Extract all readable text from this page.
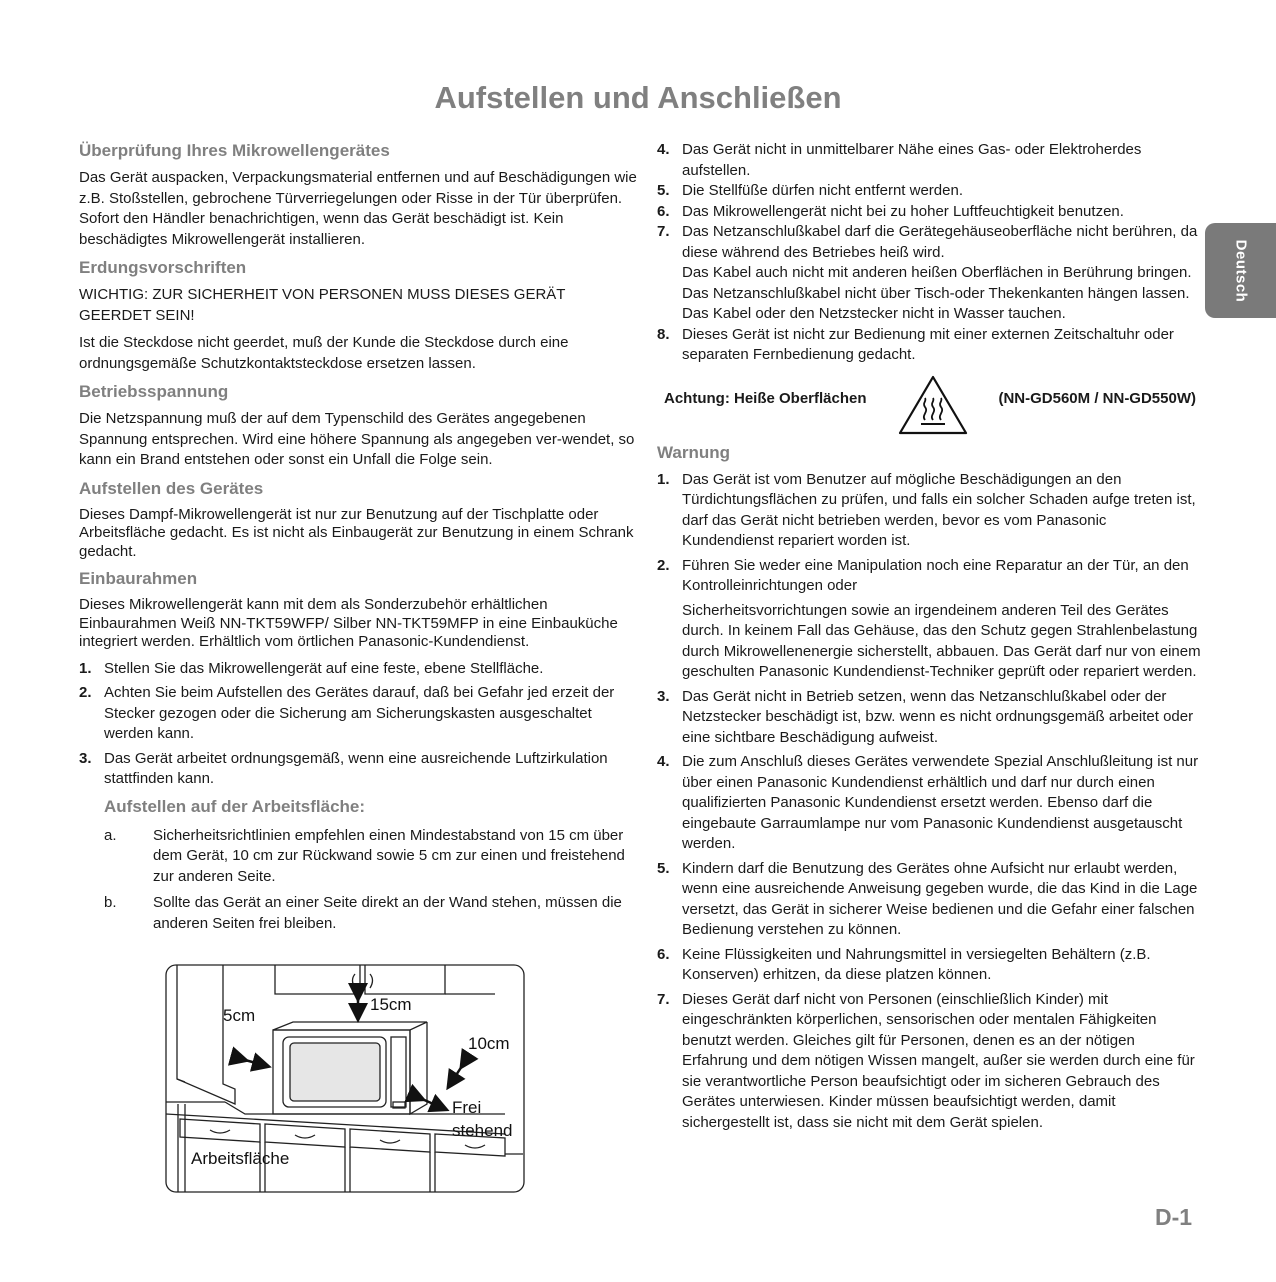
Aufstellen und Anschließen
Deutsch
Überprüfung Ihres Mikrowellengerätes
Das Gerät auspacken, Verpackungsmaterial entfernen und auf Beschädigungen wie z.B. Stoßstellen, gebrochene Türverriegelungen oder Risse in der Tür überprüfen. Sofort den Händler benachrichtigen, wenn das Gerät beschädigt ist. Kein beschädigtes Mikrowellengerät installieren.
Erdungsvorschriften
WICHTIG: ZUR SICHERHEIT VON PERSONEN MUSS DIESES GERÄT GEERDET SEIN!
Ist die Steckdose nicht geerdet, muß der Kunde die Steckdose durch eine ordnungsgemäße Schutzkontaktsteckdose ersetzen lassen.
Betriebsspannung
Die Netzspannung muß der auf dem Typenschild des Gerätes angegebenen Spannung entsprechen. Wird eine höhere Spannung als angegeben ver-wendet, so kann ein Brand entstehen oder sonst ein Unfall die Folge sein.
Aufstellen des Gerätes
Dieses Dampf-Mikrowellengerät ist nur zur Benutzung auf der Tischplatte oder Arbeitsfläche gedacht. Es ist nicht als Einbaugerät zur Benutzung in einem Schrank gedacht.
Einbaurahmen
Dieses Mikrowellengerät kann mit dem als Sonderzubehör erhältlichen Einbaurahmen Weiß NN-TKT59WFP/ Silber NN-TKT59MFP in eine Einbauküche integriert werden. Erhältlich vom örtlichen Panasonic-Kundendienst.
1. Stellen Sie das Mikrowellengerät auf eine feste, ebene Stellfläche.
2. Achten Sie beim Aufstellen des Gerätes darauf, daß bei Gefahr jed erzeit der Stecker gezogen oder die Sicherung am Sicherungskasten ausgeschaltet werden kann.
3. Das Gerät arbeitet ordnungsgemäß, wenn eine ausreichende Luftzirkulation stattfinden kann.
Aufstellen auf der Arbeitsfläche:
a. Sicherheitsrichtlinien empfehlen einen Mindestabstand von 15 cm über dem Gerät, 10 cm zur Rückwand sowie 5 cm zur einen und freistehend zur anderen Seite.
b. Sollte das Gerät an einer Seite direkt an der Wand stehen, müssen die anderen Seiten frei bleiben.
15cm
5cm
10cm
Frei
stehend
Arbeitsfläche
4. Das Gerät nicht in unmittelbarer Nähe eines Gas- oder Elektroherdes aufstellen.
5. Die Stellfüße dürfen nicht entfernt werden.
6. Das Mikrowellengerät nicht bei zu hoher Luftfeuchtigkeit benutzen.
7. Das Netzanschlußkabel darf die Gerätegehäuseoberfläche nicht berühren, da diese während des Betriebes heiß wird.
Das Kabel auch nicht mit anderen heißen Oberflächen in Berührung bringen. Das Netzanschlußkabel nicht über Tisch-oder Thekenkanten hängen lassen. Das Kabel oder den Netzstecker nicht in Wasser tauchen.
8. Dieses Gerät ist nicht zur Bedienung mit einer externen Zeitschaltuhr oder separaten Fernbedienung gedacht.
Achtung: Heiße Oberflächen	(NN-GD560M / NN-GD550W)
Warnung
1. Das Gerät ist vom Benutzer auf mögliche Beschädigungen an den Türdichtungsflächen zu prüfen, und falls ein solcher Schaden aufge treten ist, darf das Gerät nicht betrieben werden, bevor es vom Panasonic Kundendienst repariert worden ist.
2. Führen Sie weder eine Manipulation noch eine Reparatur an der Tür, an den Kontrolleinrichtungen oder
Sicherheitsvorrichtungen sowie an irgendeinem anderen Teil des Gerätes durch. In keinem Fall das Gehäuse, das den Schutz gegen Strahlenbelastung durch Mikrowellenenergie sicherstellt, abbauen. Das Gerät darf nur von einem geschulten Panasonic Kundendienst-Techniker geprüft oder repariert werden.
3. Das Gerät nicht in Betrieb setzen, wenn das Netzanschlußkabel oder der Netzstecker beschädigt ist, bzw. wenn es nicht ordnungsgemäß arbeitet oder eine sichtbare Beschädigung aufweist.
4. Die zum Anschluß dieses Gerätes verwendete Spezial Anschlußleitung ist nur über einen Panasonic Kundendienst erhältlich und darf nur durch einen qualifizierten Panasonic Kundendienst ersetzt werden. Ebenso darf die eingebaute Garraumlampe nur vom Panasonic Kundendienst ausgetauscht werden.
5. Kindern darf die Benutzung des Gerätes ohne Aufsicht nur erlaubt werden, wenn eine ausreichende Anweisung gegeben wurde, die das Kind in die Lage versetzt, das Gerät in sicherer Weise bedienen und die Gefahr einer falschen Bedienung verstehen zu können.
6. Keine Flüssigkeiten und Nahrungsmittel in versiegelten Behältern (z.B. Konserven) erhitzen, da diese platzen können.
7. Dieses Gerät darf nicht von Personen (einschließlich Kinder) mit eingeschränkten körperlichen, sensorischen oder mentalen Fähigkeiten benutzt werden. Gleiches gilt für Personen, denen es an der nötigen Erfahrung und dem nötigen Wissen mangelt, außer sie werden durch eine für sie verantwortliche Person beaufsichtigt oder im sicheren Gebrauch des Gerätes unterwiesen. Kinder müssen beaufsichtigt werden, damit sichergestellt ist, dass sie nicht mit dem Gerät spielen.
D-1
